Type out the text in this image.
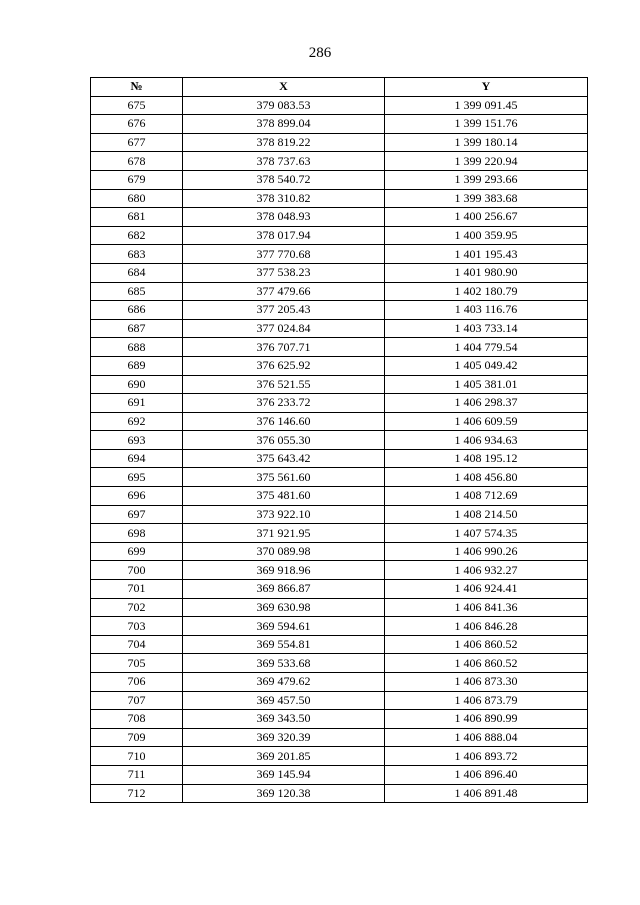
286
№	X	Y
675	379 083.53	1 399 091.45
676	378 899.04	1 399 151.76
677	378 819.22	1 399 180.14
678	378 737.63	1 399 220.94
679	378 540.72	1 399 293.66
680	378 310.82	1 399 383.68
681	378 048.93	1 400 256.67
682	378 017.94	1 400 359.95
683	377 770.68	1 401 195.43
684	377 538.23	1 401 980.90
685	377 479.66	1 402 180.79
686	377 205.43	1 403 116.76
687	377 024.84	1 403 733.14
688	376 707.71	1 404 779.54
689	376 625.92	1 405 049.42
690	376 521.55	1 405 381.01
691	376 233.72	1 406 298.37
692	376 146.60	1 406 609.59
693	376 055.30	1 406 934.63
694	375 643.42	1 408 195.12
695	375 561.60	1 408 456.80
696	375 481.60	1 408 712.69
697	373 922.10	1 408 214.50
698	371 921.95	1 407 574.35
699	370 089.98	1 406 990.26
700	369 918.96	1 406 932.27
701	369 866.87	1 406 924.41
702	369 630.98	1 406 841.36
703	369 594.61	1 406 846.28
704	369 554.81	1 406 860.52
705	369 533.68	1 406 860.52
706	369 479.62	1 406 873.30
707	369 457.50	1 406 873.79
708	369 343.50	1 406 890.99
709	369 320.39	1 406 888.04
710	369 201.85	1 406 893.72
711	369 145.94	1 406 896.40
712	369 120.38	1 406 891.48
